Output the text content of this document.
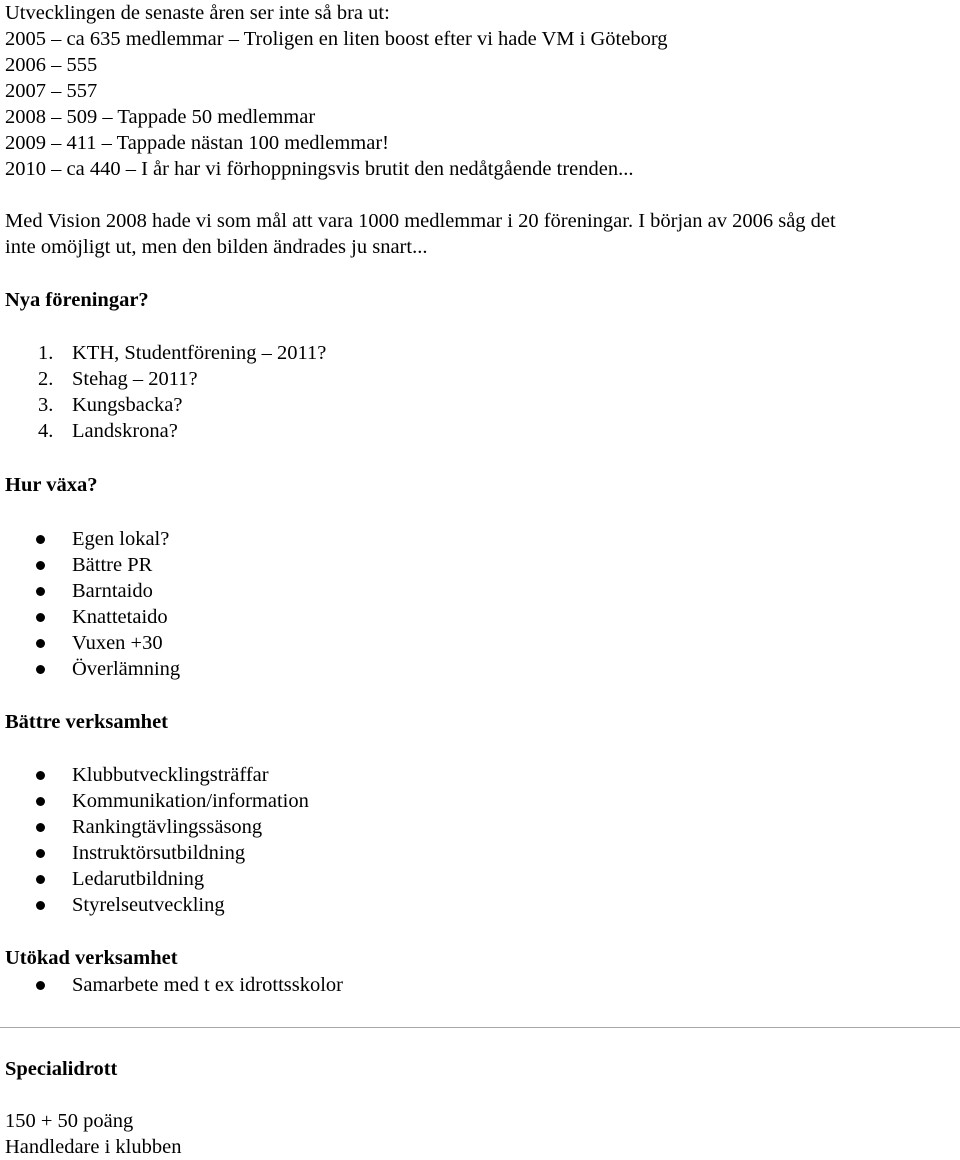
Utvecklingen de senaste åren ser inte så bra ut:
2005 – ca 635 medlemmar – Troligen en liten boost efter vi hade VM i Göteborg
2006 – 555
2007 – 557
2008 – 509 – Tappade 50 medlemmar
2009 – 411 – Tappade nästan 100 medlemmar!
2010 – ca 440 – I år har vi förhoppningsvis brutit den nedåtgående trenden...
Med Vision 2008 hade vi som mål att vara 1000 medlemmar i 20 föreningar. I början av 2006 såg det
inte omöjligt ut, men den bilden ändrades ju snart...
Nya föreningar?
1. KTH, Studentförening – 2011?
2. Stehag – 2011?
3. Kungsbacka?
4. Landskrona?
Hur växa?
Egen lokal?
Bättre PR
Barntaido
Knattetaido
Vuxen +30
Överlämning
Bättre verksamhet
Klubbutvecklingsträffar
Kommunikation/information
Rankingtävlingssäsong
Instruktörsutbildning
Ledarutbildning
Styrelseutveckling
Utökad verksamhet
Samarbete med t ex idrottsskolor
Specialidrott
150 + 50 poäng
Handledare i klubben
